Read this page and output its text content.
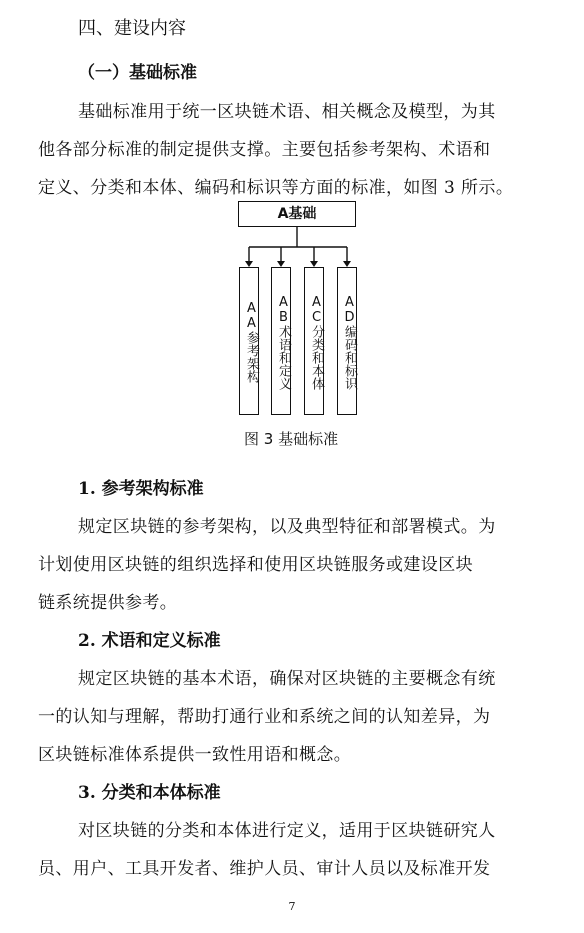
四、建设内容
（一）基础标准
基础标准用于统一区块链术语、相关概念及模型，为其
他各部分标准的制定提供支撑。主要包括参考架构、术语和
定义、分类和本体、编码和标识等方面的标准，如图 3 所示。
A基础
AA参考架构	AB术语和定义	AC分类和本体	AD编码和标识
图 3 基础标准
1. 参考架构标准
规定区块链的参考架构，以及典型特征和部署模式。为
计划使用区块链的组织选择和使用区块链服务或建设区块
链系统提供参考。
2. 术语和定义标准
规定区块链的基本术语，确保对区块链的主要概念有统
一的认知与理解，帮助打通行业和系统之间的认知差异，为
区块链标准体系提供一致性用语和概念。
3. 分类和本体标准
对区块链的分类和本体进行定义，适用于区块链研究人
员、用户、工具开发者、维护人员、审计人员以及标准开发
7
